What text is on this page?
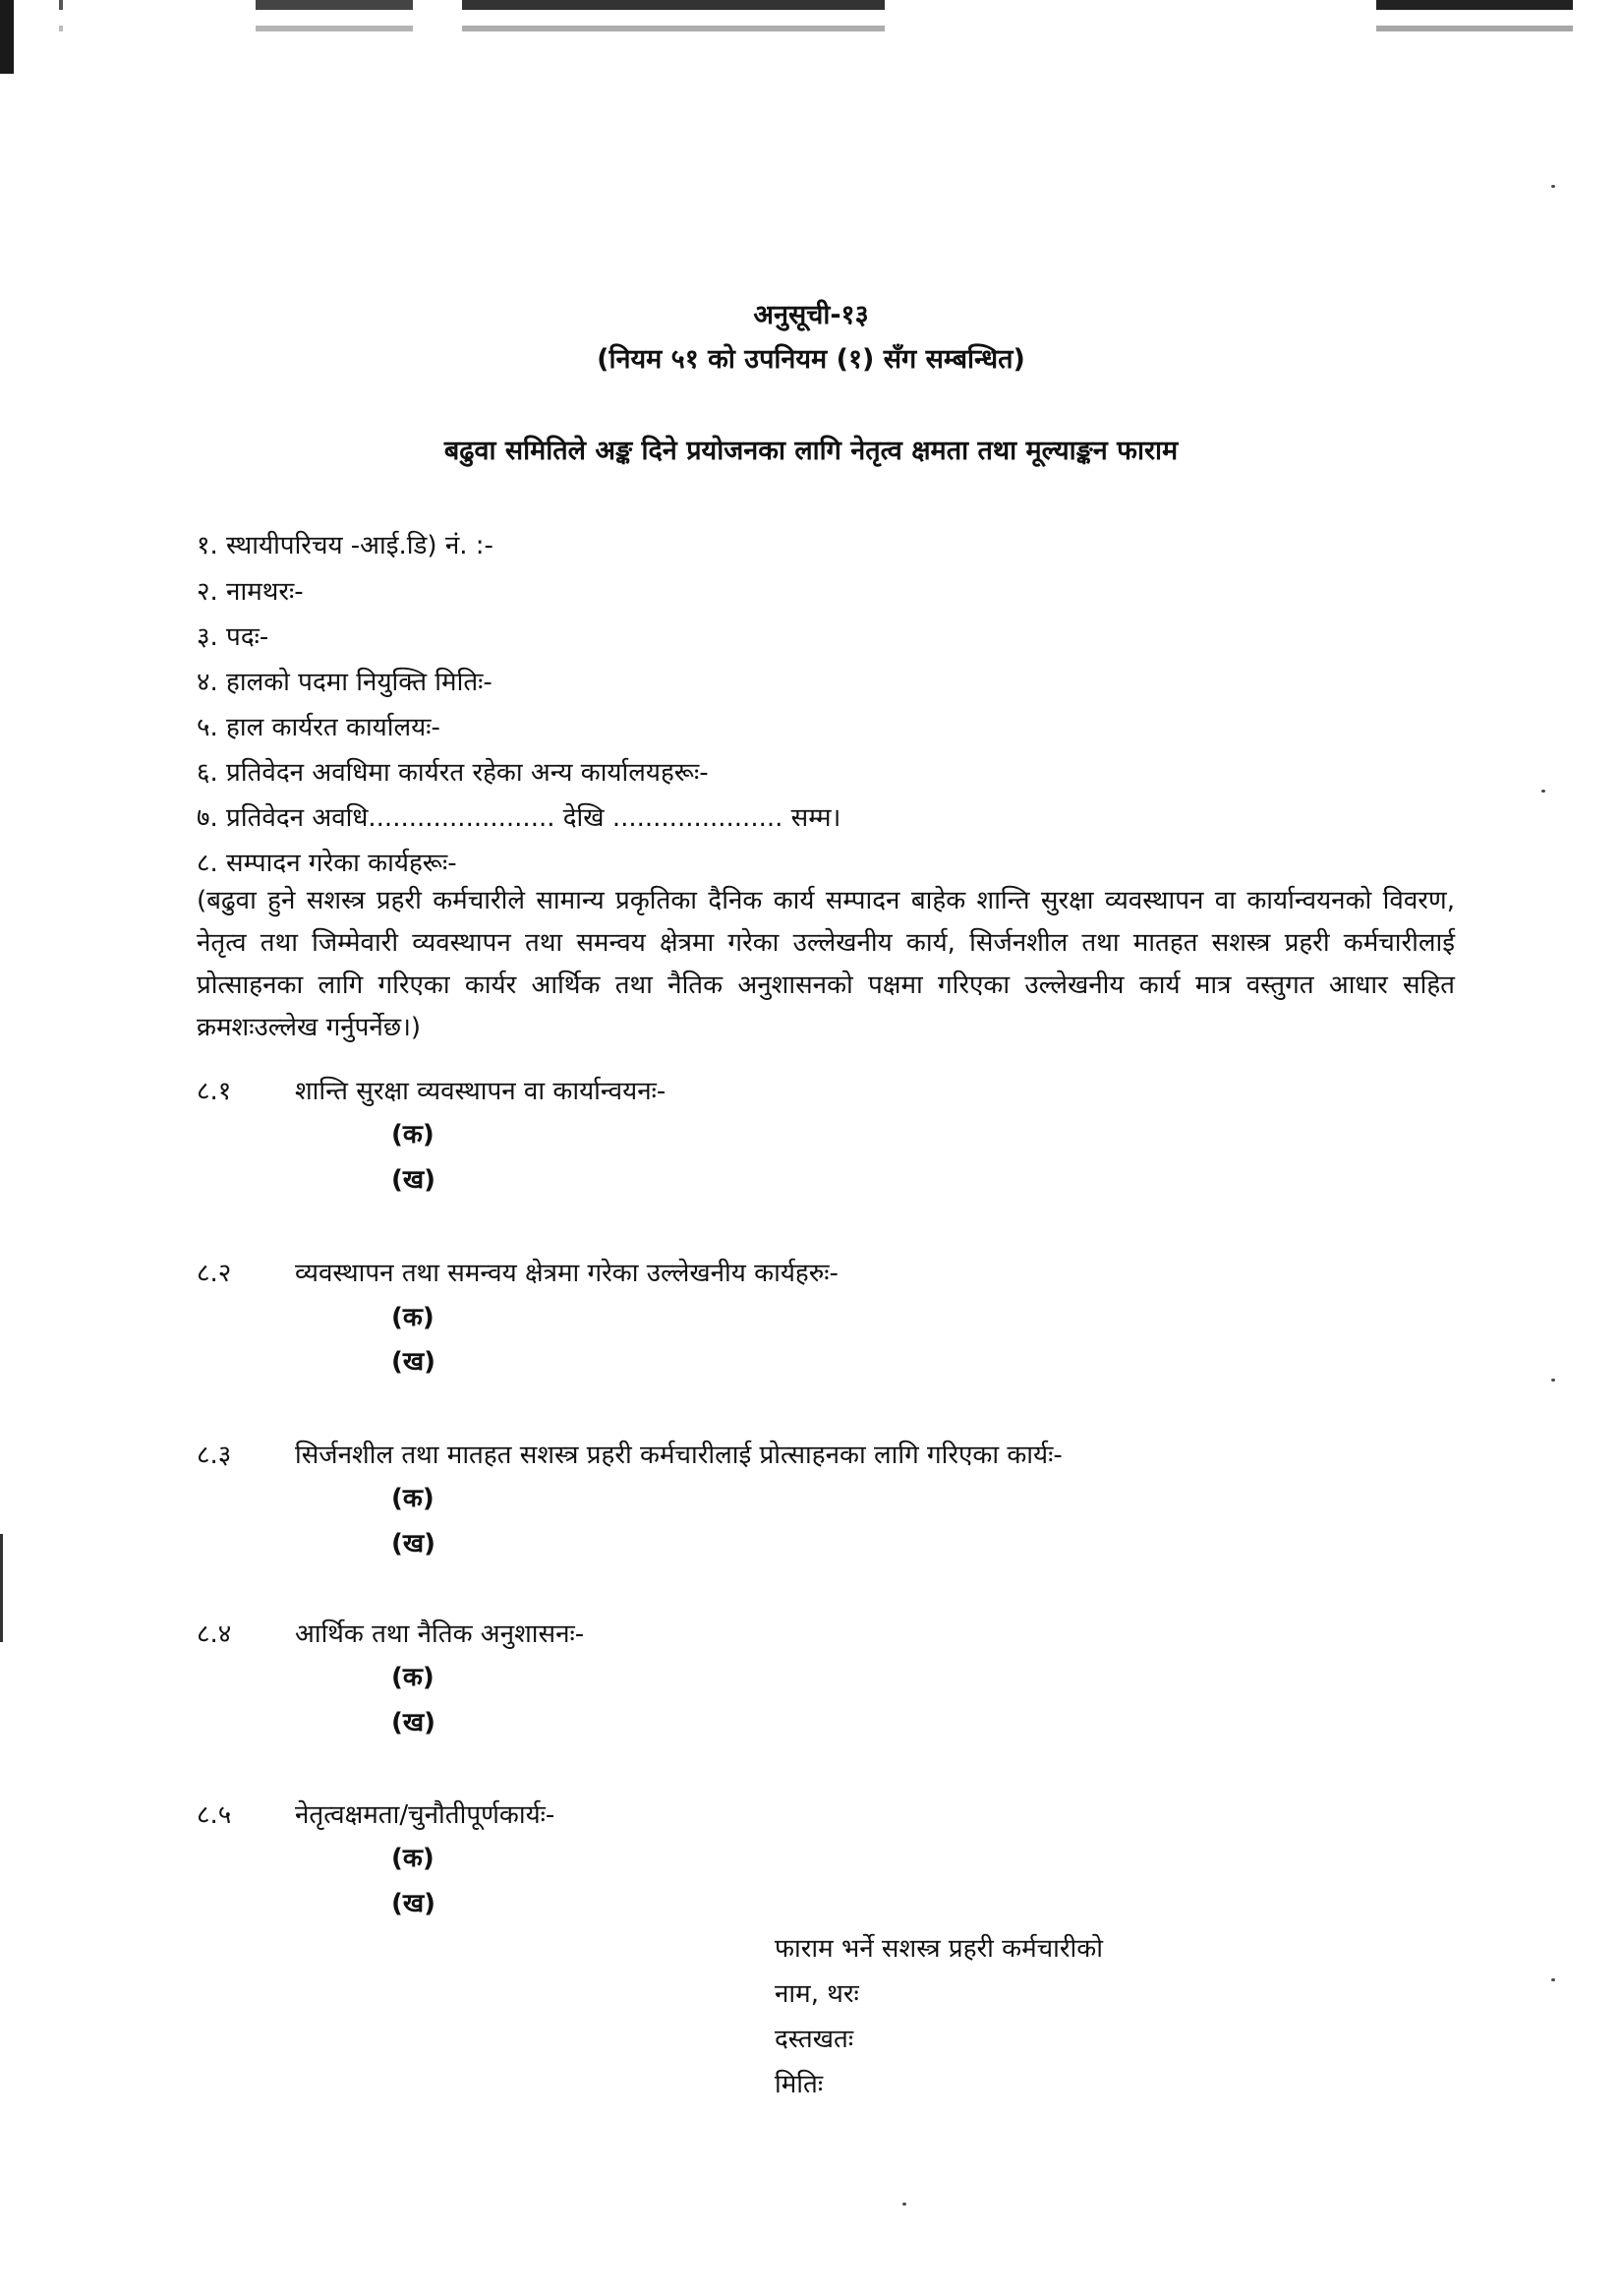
अनुसूची-१३
(नियम ५१ को उपनियम (१) सँग सम्बन्धित)
बढुवा समितिले अङ्क दिने प्रयोजनका लागि नेतृत्व क्षमता तथा मूल्याङ्कन फाराम
१. स्थायीपरिचय -आई.डि) नं. :-
२. नामथरः-
३. पदः-
४. हालको पदमा नियुक्ति मितिः-
५. हाल कार्यरत कार्यालयः-
६. प्रतिवेदन अवधिमा कार्यरत रहेका अन्य कार्यालयहरूः-
७. प्रतिवेदन अवधि....................... देखि ..................... सम्म।
८. सम्पादन गरेका कार्यहरूः-
(बढुवा हुने सशस्त्र प्रहरी कर्मचारीले सामान्य प्रकृतिका दैनिक कार्य सम्पादन बाहेक शान्ति सुरक्षा व्यवस्थापन वा कार्यान्वयनको विवरण, नेतृत्व तथा जिम्मेवारी व्यवस्थापन तथा समन्वय क्षेत्रमा गरेका उल्लेखनीय कार्य, सिर्जनशील तथा मातहत सशस्त्र प्रहरी कर्मचारीलाई प्रोत्साहनका लागि गरिएका कार्यर आर्थिक तथा नैतिक अनुशासनको पक्षमा गरिएका उल्लेखनीय कार्य मात्र वस्तुगत आधार सहित क्रमशःउल्लेख गर्नुपर्नेछ।)
८.१ शान्ति सुरक्षा व्यवस्थापन वा कार्यान्वयनः-
(क)
(ख)
८.२ व्यवस्थापन तथा समन्वय क्षेत्रमा गरेका उल्लेखनीय कार्यहरुः-
(क)
(ख)
८.३ सिर्जनशील तथा मातहत सशस्त्र प्रहरी कर्मचारीलाई प्रोत्साहनका लागि गरिएका कार्यः-
(क)
(ख)
८.४ आर्थिक तथा नैतिक अनुशासनः-
(क)
(ख)
८.५ नेतृत्वक्षमता/चुनौतीपूर्णकार्यः-
(क)
(ख)
फाराम भर्ने सशस्त्र प्रहरी कर्मचारीको
नाम, थरः
दस्तखतः
मितिः
